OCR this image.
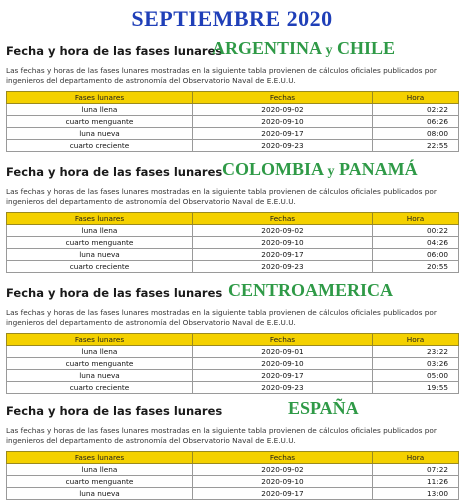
SEPTIEMBRE 2020
Fecha y hora de las fases lunares
ARGENTINA y CHILE
Las fechas y horas de las fases lunares mostradas en la siguiente tabla provienen de cálculos oficiales publicados por ingenieros del departamento de astronomía del Observatorio Naval de E.E.U.U.
Fases lunares	Fechas	Hora
luna llena	2020-09-02	02:22
cuarto menguante	2020-09-10	06:26
luna nueva	2020-09-17	08:00
cuarto creciente	2020-09-23	22:55
Fecha y hora de las fases lunares COLOMBIA y PANAMÁ
Las fechas y horas de las fases lunares mostradas en la siguiente tabla provienen de cálculos oficiales publicados por ingenieros del departamento de astronomía del Observatorio Naval de E.E.U.U.
Fases lunares	Fechas	Hora
luna llena	2020-09-02	00:22
cuarto menguante	2020-09-10	04:26
luna nueva	2020-09-17	06:00
cuarto creciente	2020-09-23	20:55
Fecha y hora de las fases lunares CENTROAMERICA
Las fechas y horas de las fases lunares mostradas en la siguiente tabla provienen de cálculos oficiales publicados por ingenieros del departamento de astronomía del Observatorio Naval de E.E.U.U.
Fases lunares	Fechas	Hora
luna llena	2020-09-01	23:22
cuarto menguante	2020-09-10	03:26
luna nueva	2020-09-17	05:00
cuarto creciente	2020-09-23	19:55
Fecha y hora de las fases lunares	ESPAÑA
Las fechas y horas de las fases lunares mostradas en la siguiente tabla provienen de cálculos oficiales publicados por ingenieros del departamento de astronomía del Observatorio Naval de E.E.U.U.
Fases lunares	Fechas	Hora
luna llena	2020-09-02	07:22
cuarto menguante	2020-09-10	11:26
luna nueva	2020-09-17	13:00
